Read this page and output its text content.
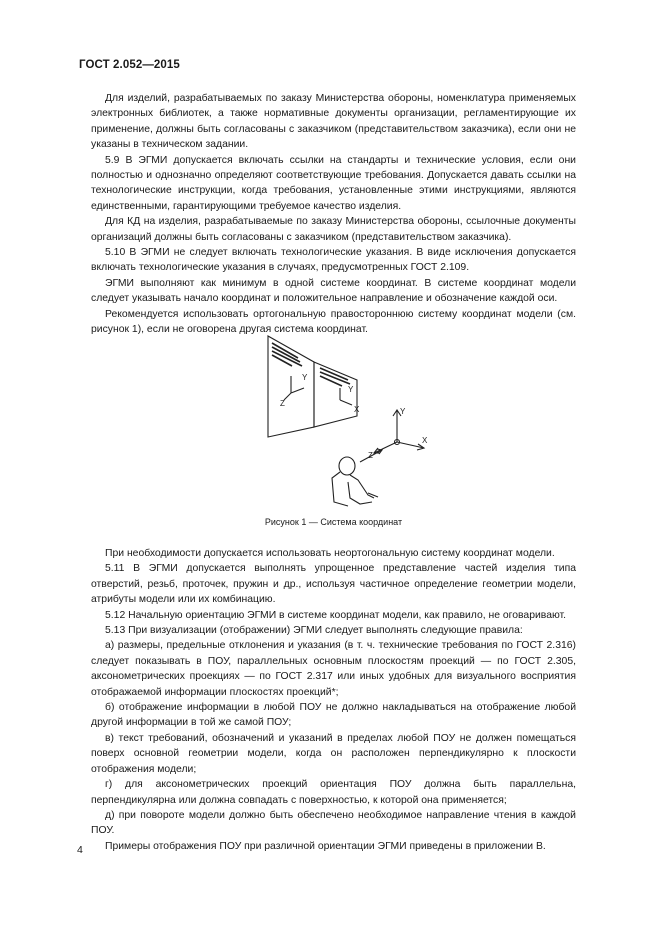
ГОСТ 2.052—2015

Для изделий, разрабатываемых по заказу Министерства обороны, номенклатура применяемых электронных библиотек, а также нормативные документы организации, регламентирующие их применение, должны быть согласованы с заказчиком (представительством заказчика), если они не указаны в техническом задании.

5.9 В ЭГМИ допускается включать ссылки на стандарты и технические условия, если они полностью и однозначно определяют соответствующие требования. Допускается давать ссылки на технологические инструкции, когда требования, установленные этими инструкциями, являются единственными, гарантирующими требуемое качество изделия.

Для КД на изделия, разрабатываемые по заказу Министерства обороны, ссылочные документы организаций должны быть согласованы с заказчиком (представительством заказчика).

5.10 В ЭГМИ не следует включать технологические указания. В виде исключения допускается включать технологические указания в случаях, предусмотренных ГОСТ 2.109.

ЭГМИ выполняют как минимум в одной системе координат. В системе координат модели следует указывать начало координат и положительное направление и обозначение каждой оси.

Рекомендуется использовать ортогональную правостороннюю систему координат модели (см. рисунок 1), если не оговорена другая система координат.

Y
Z
Y
X	Y
X
Z
Рисунок 1 — Система координат

При необходимости допускается использовать неортогональную систему координат модели.

5.11 В ЭГМИ допускается выполнять упрощенное представление частей изделия типа отверстий, резьб, проточек, пружин и др., используя частичное определение геометрии модели, атрибуты модели или их комбинацию.

5.12 Начальную ориентацию ЭГМИ в системе координат модели, как правило, не оговаривают.

5.13 При визуализации (отображении) ЭГМИ следует выполнять следующие правила:

а) размеры, предельные отклонения и указания (в т. ч. технические требования по ГОСТ 2.316) следует показывать в ПОУ, параллельных основным плоскостям проекций — по ГОСТ 2.305, аксонометрических проекциях — по ГОСТ 2.317 или иных удобных для визуального восприятия отображаемой информации плоскостях проекций*;

б) отображение информации в любой ПОУ не должно накладываться на отображение любой другой информации в той же самой ПОУ;

в) текст требований, обозначений и указаний в пределах любой ПОУ не должен помещаться поверх основной геометрии модели, когда он расположен перпендикулярно к плоскости отображения модели;

г) для аксонометрических проекций ориентация ПОУ должна быть параллельна, перпендикулярна или должна совпадать с поверхностью, к которой она применяется;

д) при повороте модели должно быть обеспечено необходимое направление чтения в каждой ПОУ.

Примеры отображения ПОУ при различной ориентации ЭГМИ приведены в приложении В.

4
